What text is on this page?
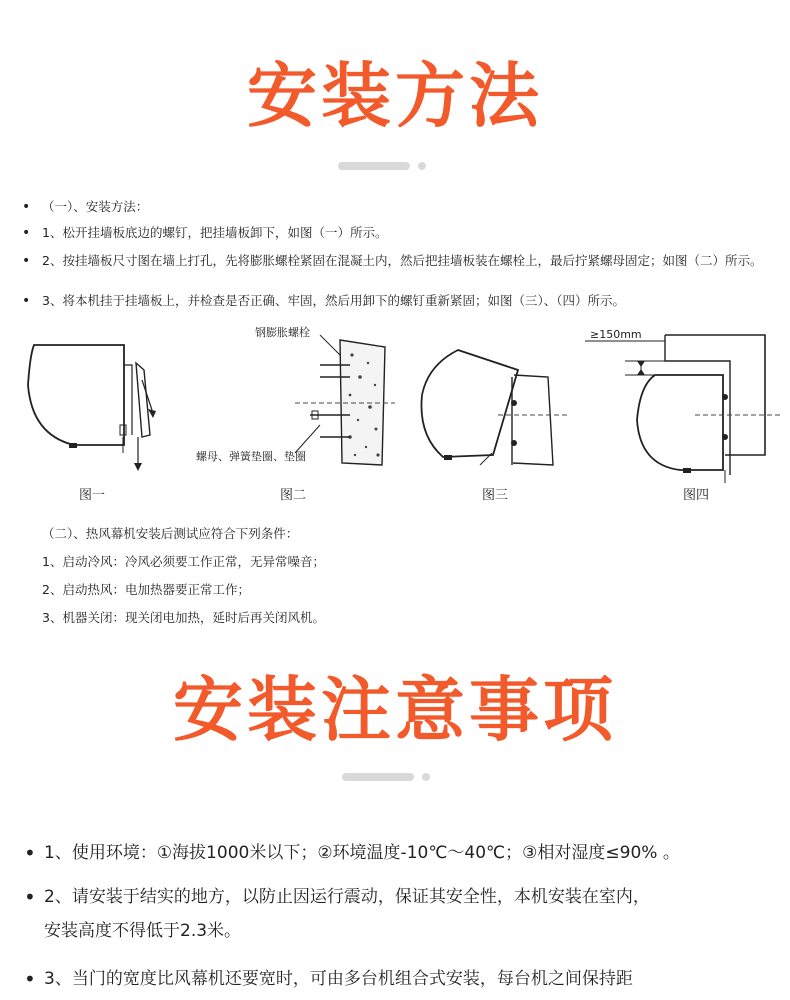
安装方法
• （一）、安装方法：
• 1、松开挂墙板底边的螺钉，把挂墙板卸下，如图（一）所示。
• 2、按挂墙板尺寸图在墙上打孔，先将膨胀螺栓紧固在混凝土内，然后把挂墙板装在螺栓上，最后拧紧螺母固定；如图（二）所示。
• 3、将本机挂于挂墙板上，并检查是否正确、牢固，然后用卸下的螺钉重新紧固；如图（三）、（四）所示。
钢膨胀螺栓
螺母、弹簧垫圈、垫圈
≥150mm
图一	图二	图三	图四
（二）、热风幕机安装后测试应符合下列条件：
1、启动冷风：冷风必须要工作正常，无异常噪音；
2、启动热风：电加热器要正常工作；
3、机器关闭：现关闭电加热，延时后再关闭风机。
安装注意事项
• 1、使用环境：①海拔1000米以下；②环境温度-10℃～40℃；③相对湿度≤90% 。
• 2、请安装于结实的地方，以防止因运行震动，保证其安全性，本机安装在室内，
安装高度不得低于2.3米。
• 3、当门的宽度比风幕机还要宽时，可由多台机组合式安装，每台机之间保持距
